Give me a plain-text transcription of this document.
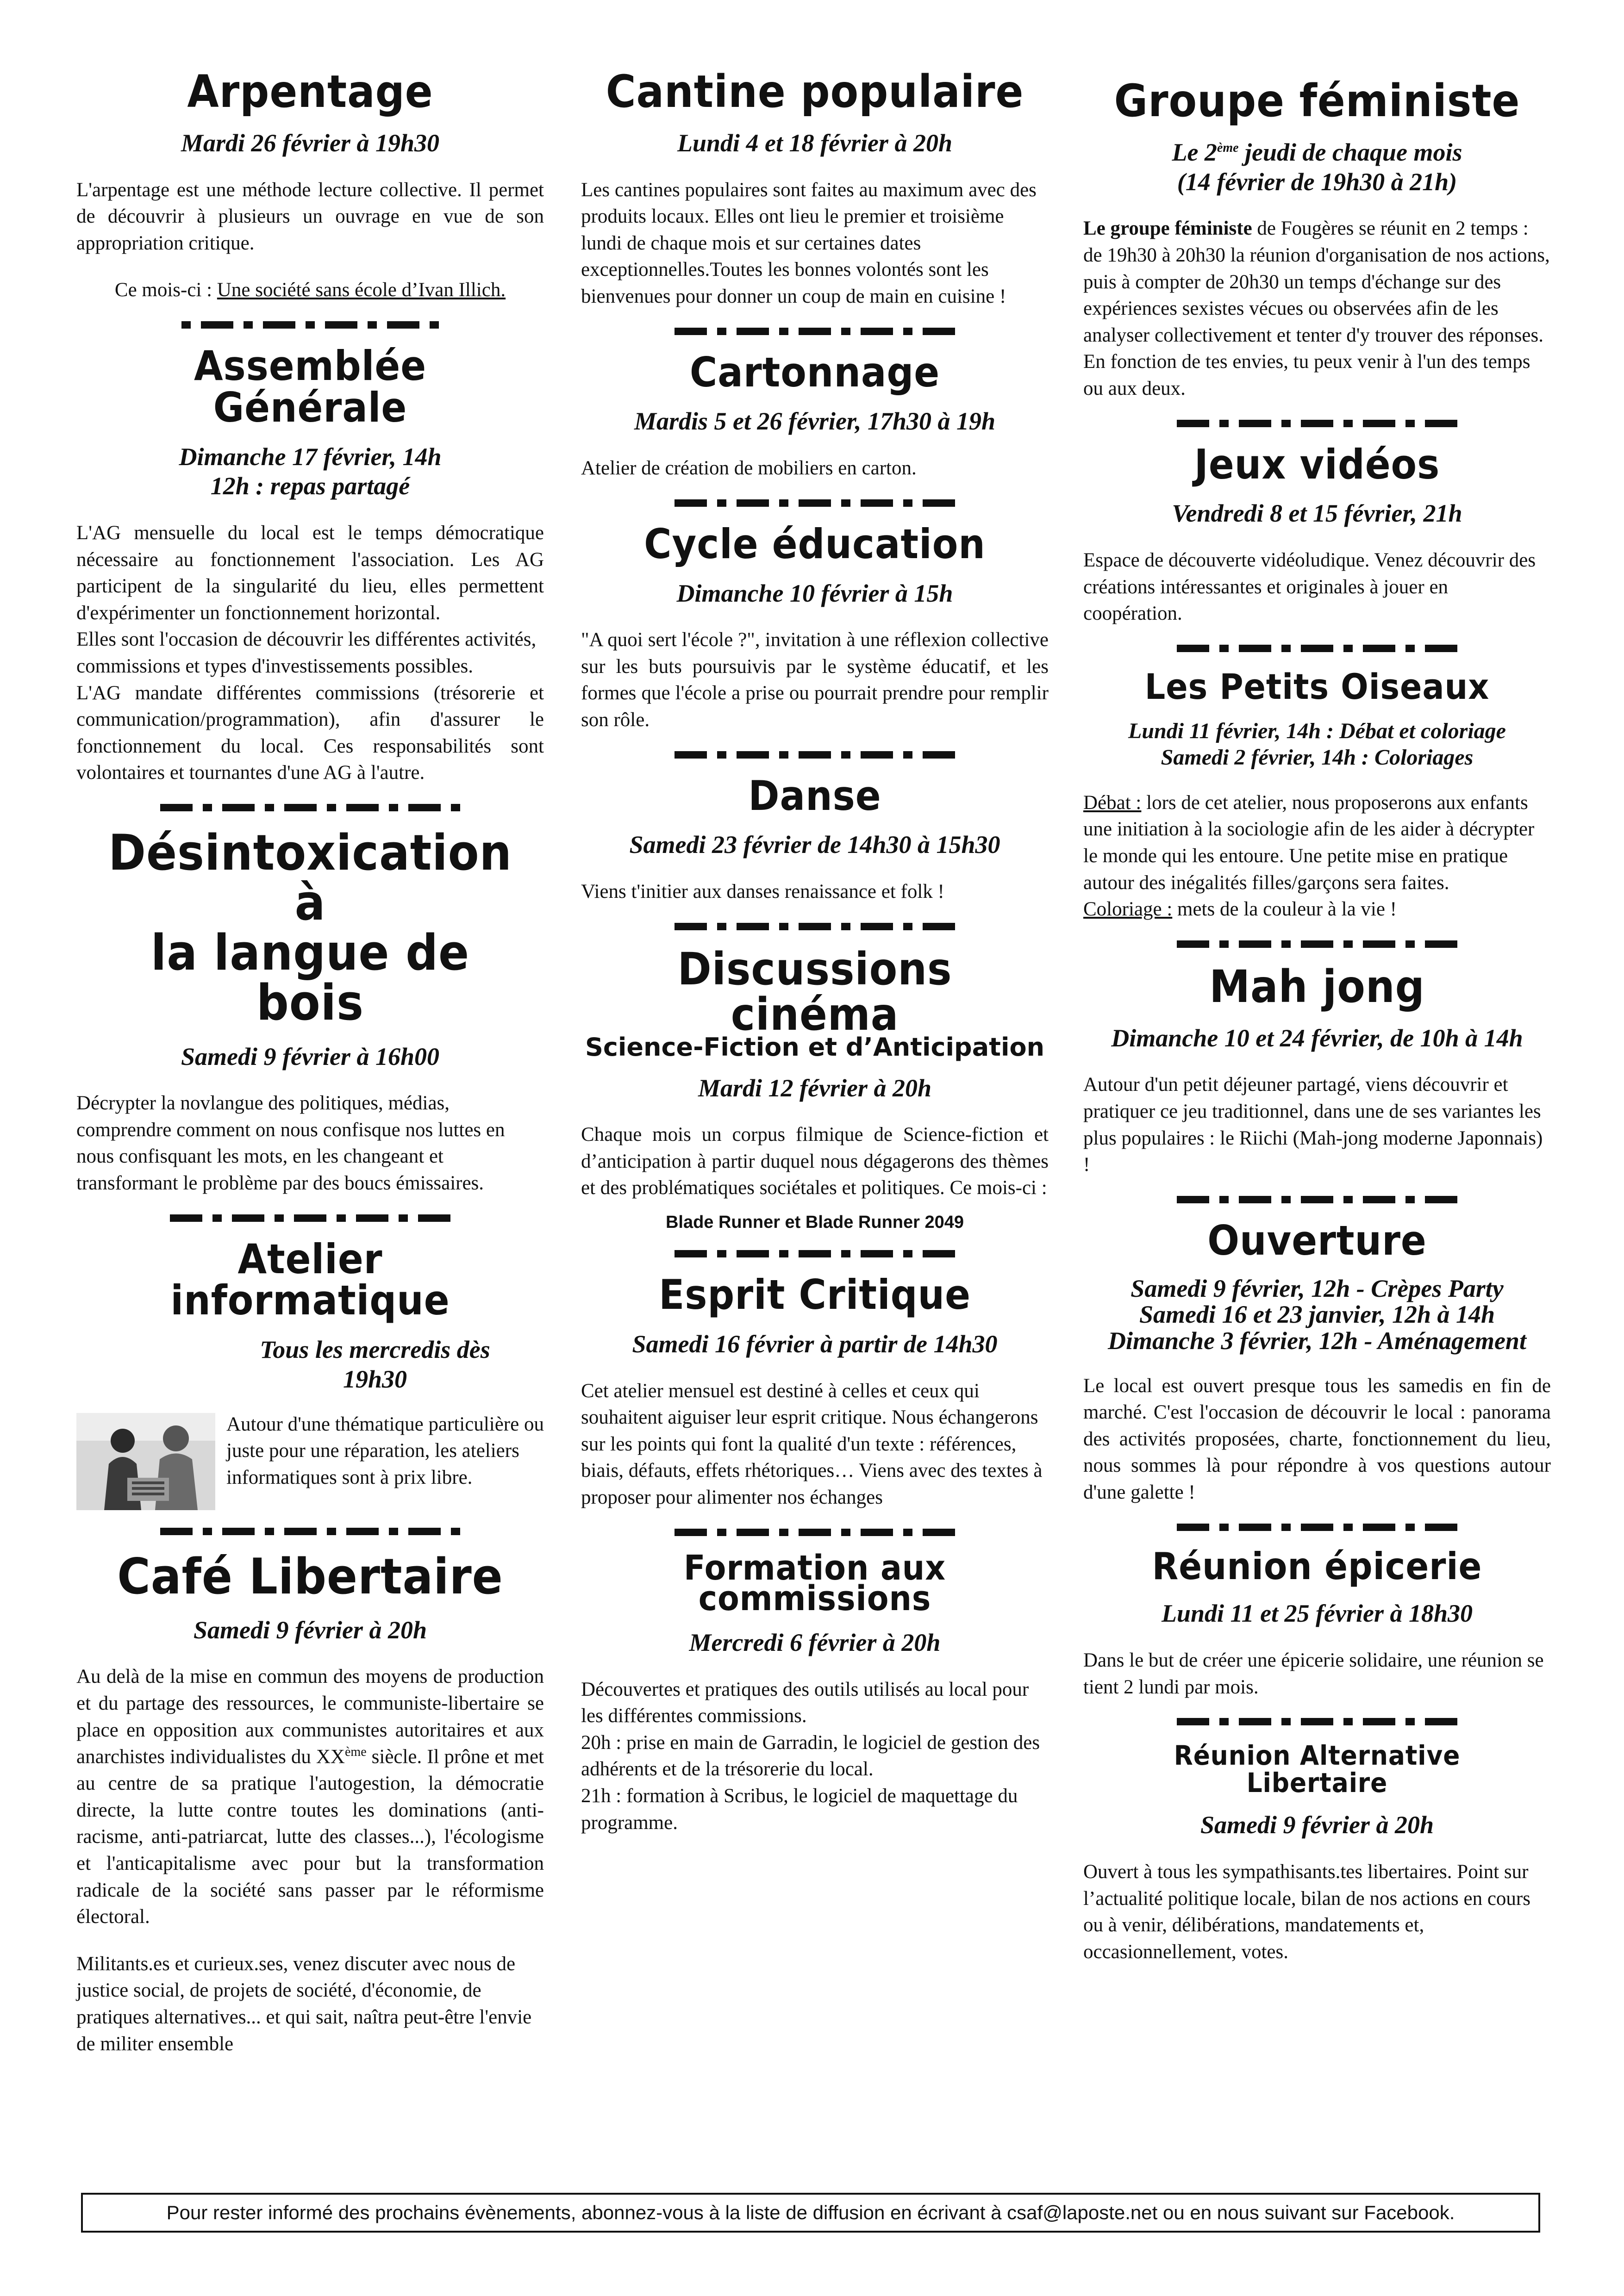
Arpentage
Mardi 26 février à 19h30
L'arpentage est une méthode lecture collective. Il permet de découvrir à plusieurs un ouvrage en vue de son appropriation critique.
Ce mois-ci : Une société sans école d’Ivan Illich.
Assemblée Générale
Dimanche 17 février, 14h
12h : repas partagé

L'AG mensuelle du local est le temps démocratique nécessaire au fonctionnement l'association. Les AG participent de la singularité du lieu, elles permettent d'expérimenter un fonctionnement horizontal.

Elles sont l'occasion de découvrir les différentes activités, commissions et types d'investissements possibles.

L'AG mandate différentes commissions (trésorerie et communication/programmation), afin d'assurer le fonctionnement du local. Ces responsabilités sont volontaires et tournantes d'une AG à l'autre.

Désintoxication à
la langue de bois
Samedi 9 février à 16h00
Décrypter la novlangue des politiques, médias, comprendre comment on nous confisque nos luttes en nous confisquant les mots, en les changeant et transformant le problème par des boucs émissaires.
Atelier informatique
Tous les mercredis dès
19h30
Autour d'une thématique particulière ou juste pour une réparation, les ateliers informatiques sont à prix libre.
Café Libertaire
Samedi 9 février à 20h
Au delà de la mise en commun des moyens de production et du partage des ressources, le communiste-libertaire se place en opposition aux communistes autoritaires et aux anarchistes individualistes du XXème siècle. Il prône et met au centre de sa pratique l'autogestion, la démocratie directe, la lutte contre toutes les dominations (anti-racisme, anti-patriarcat, lutte des classes...), l'écologisme et l'anticapitalisme avec pour but la transformation radicale de la société sans passer par le réformisme électoral.
Militants.es et curieux.ses, venez discuter avec nous de justice social, de projets de société, d'économie, de pratiques alternatives... et qui sait, naîtra peut-être l'envie de militer ensemble
Cantine populaire
Lundi 4 et 18 février à 20h
Les cantines populaires sont faites au maximum avec des produits locaux. Elles ont lieu le premier et troisième lundi de chaque mois et sur certaines dates exceptionnelles.Toutes les bonnes volontés sont les bienvenues pour donner un coup de main en cuisine !
Cartonnage
Mardis 5 et 26 février, 17h30 à 19h
Atelier de création de mobiliers en carton.
Cycle éducation
Dimanche 10 février à 15h
"A quoi sert l'école ?", invitation à une réflexion collective sur les buts poursuivis par le système éducatif, et les formes que l'école a prise ou pourrait prendre pour remplir son rôle.
Danse
Samedi 23 février de 14h30 à 15h30
Viens t'initier aux danses renaissance et folk !
Discussions cinéma
Science-Fiction et d’Anticipation
Mardi 12 février à 20h
Chaque mois un corpus filmique de Science-fiction et d’anticipation à partir duquel nous dégagerons des thèmes et des problématiques sociétales et politiques. Ce mois-ci :
Blade Runner et Blade Runner 2049
Esprit Critique
Samedi 16 février à partir de 14h30
Cet atelier mensuel est destiné à celles et ceux qui souhaitent aiguiser leur esprit critique. Nous échangerons sur les points qui font la qualité d'un texte : références, biais, défauts, effets rhétoriques… Viens avec des textes à proposer pour alimenter nos échanges
Formation aux
commissions
Mercredi 6 février à 20h

Découvertes et pratiques des outils utilisés au local pour les différentes commissions.

20h : prise en main de Garradin, le logiciel de gestion des adhérents et de la trésorerie du local.

21h : formation à Scribus, le logiciel de maquettage du programme.

Groupe féministe
Le 2ème jeudi de chaque mois
(14 février de 19h30 à 21h)
Le groupe féministe de Fougères se réunit en 2 temps : de 19h30 à 20h30 la réunion d'organisation de nos actions, puis à compter de 20h30 un temps d'échange sur des expériences sexistes vécues ou observées afin de les analyser collectivement et tenter d'y trouver des réponses. En fonction de tes envies, tu peux venir à l'un des temps ou aux deux.
Jeux vidéos
Vendredi 8 et 15 février, 21h
Espace de découverte vidéoludique. Venez découvrir des créations intéressantes et originales à jouer en coopération.
Les Petits Oiseaux
Lundi 11 février, 14h : Débat et coloriage
Samedi 2 février, 14h : Coloriages
Débat : lors de cet atelier, nous proposerons aux enfants une initiation à la sociologie afin de les aider à décrypter le monde qui les entoure. Une petite mise en pratique autour des inégalités filles/garçons sera faites.
Coloriage : mets de la couleur à la vie !
Mah jong
Dimanche 10 et 24 février, de 10h à 14h
Autour d'un petit déjeuner partagé, viens découvrir et pratiquer ce jeu traditionnel, dans une de ses variantes les plus populaires : le Riichi (Mah-jong moderne Japonnais) !
Ouverture
Samedi 9 février, 12h - Crèpes Party
Samedi 16 et 23 janvier, 12h à 14h
Dimanche 3 février, 12h - Aménagement
Le local est ouvert presque tous les samedis en fin de marché. C'est l'occasion de découvrir le local : panorama des activités proposées, charte, fonctionnement du lieu, nous sommes là pour répondre à vos questions autour d'une galette !
Réunion épicerie
Lundi 11 et 25 février à 18h30
Dans le but de créer une épicerie solidaire, une réunion se tient 2 lundi par mois.
Réunion Alternative Libertaire
Samedi 9 février à 20h
Ouvert à tous les sympathisants.tes libertaires. Point sur l’actualité politique locale, bilan de nos actions en cours ou à venir, délibérations, mandatements et, occasionnellement, votes.
Pour rester informé des prochains évènements, abonnez-vous à la liste de diffusion en écrivant à csaf@laposte.net ou en nous suivant sur Facebook.
